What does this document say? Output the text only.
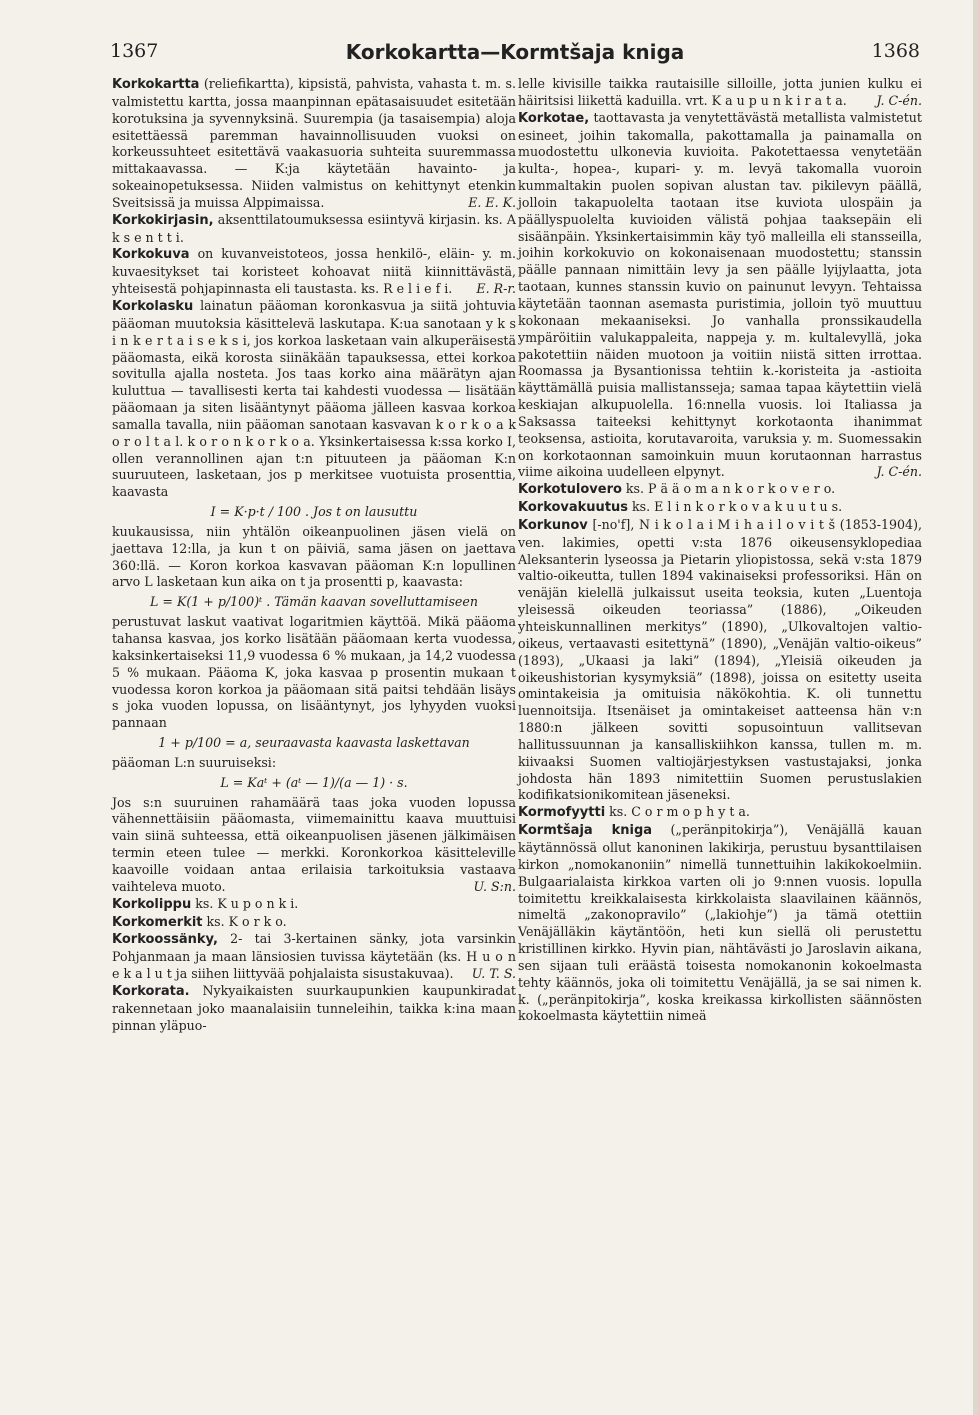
1367	Korkokartta—Kormtšaja kniga	1368

Korkokartta (reliefikartta), kipsistä, pahvista, vahasta t. m. s. valmistettu kartta, jossa maanpinnan epätasaisuudet esitetään korotuksina ja syvennyksinä. Suurempia (ja tasaisempia) aloja esitettäessä paremman havainnollisuuden vuoksi on korkeussuhteet esitettävä vaakasuoria suhteita suuremmassa mittakaavassa. — K:ja käytetään havainto- ja sokeainopetuksessa. Niiden valmistus on kehittynyt etenkin Sveitsissä ja muissa Alppimaissa.	E. E. K.

Korkokirjasin, aksenttilatoumuksessa esiintyvä kirjasin. ks. A k s e n t t i.

Korkokuva on kuvanveistoteos, jossa henkilö-, eläin- y. m. kuvaesitykset tai koristeet kohoavat niitä kiinnittävästä, yhteisestä pohjapinnasta eli taustasta. ks. R e l i e f i.	E. R-r.

Korkolasku lainatun pääoman koronkasvua ja siitä johtuvia pääoman muutoksia käsittelevä laskutapa. K:ua sanotaan y k s i n k e r t a i s e k s i, jos korkoa lasketaan vain alkuperäisestä pääomasta, eikä korosta siinäkään tapauksessa, ettei korkoa sovitulla ajalla nosteta. Jos taas korko aina määrätyn ajan kuluttua — tavallisesti kerta tai kahdesti vuodessa — lisätään pääomaan ja siten lisääntynyt pääoma jälleen kasvaa korkoa samalla tavalla, niin pääoman sanotaan kasvavan k o r k o a k o r o l t a l. k o r o n k o r k o a. Yksinkertaisessa k:ssa korko I, ollen verannollinen ajan t:n pituuteen ja pääoman K:n suuruuteen, lasketaan, jos p merkitsee vuotuista prosenttia, kaavasta

I = K·p·t / 100 . Jos t on lausuttu

kuukausissa, niin yhtälön oikeanpuolinen jäsen vielä on jaettava 12:lla, ja kun t on päiviä, sama jäsen on jaettava 360:llä. — Koron korkoa kasvavan pääoman K:n lopullinen arvo L lasketaan kun aika on t ja prosentti p, kaavasta:

L = K(1 + p/100)ᵗ . Tämän kaavan sovelluttamiseen

perustuvat laskut vaativat logaritmien käyttöä. Mikä pääoma tahansa kasvaa, jos korko lisätään pääomaan kerta vuodessa, kaksinkertaiseksi 11,9 vuodessa 6 % mukaan, ja 14,2 vuodessa 5 % mukaan. Pääoma K, joka kasvaa p prosentin mukaan t vuodessa koron korkoa ja pääomaan sitä paitsi tehdään lisäys s joka vuoden lopussa, on lisääntynyt, jos lyhyyden vuoksi pannaan

1 + p/100 = a, seuraavasta kaavasta laskettavan

pääoman L:n suuruiseksi:

L = Kaᵗ + (aᵗ — 1)/(a — 1) · s.

Jos s:n suuruinen rahamäärä taas joka vuoden lopussa vähennettäisiin pääomasta, viimemainittu kaava muuttuisi vain siinä suhteessa, että oikeanpuolisen jäsenen jälkimäisen termin eteen tulee — merkki. Koronkorkoa käsitteleville kaavoille voidaan antaa erilaisia tarkoituksia vastaava vaihteleva muoto.	U. S:n.

Korkolippu ks. K u p o n k i.

Korkomerkit ks. K o r k o.

Korkoossänky, 2- tai 3-kertainen sänky, jota varsinkin Pohjanmaan ja maan länsiosien tuvissa käytetään (ks. H u o n e k a l u t ja siihen liittyvää pohjalaista sisustakuvaa).	U. T. S.

Korkorata. Nykyaikaisten suurkaupunkien kaupunkiradat rakennetaan joko maanalaisiin tunneleihin, taikka k:ina maan pinnan yläpuo-

lelle kivisille taikka rautaisille silloille, jotta junien kulku ei häiritsisi liikettä kaduilla. vrt. K a u p u n k i r a t a.	J. C-én.

Korkotae, taottavasta ja venytettävästä metallista valmistetut esineet, joihin takomalla, pakottamalla ja painamalla on muodostettu ulkonevia kuvioita. Pakotettaessa venytetään kulta-, hopea-, kupari- y. m. levyä takomalla vuoroin kummaltakin puolen sopivan alustan tav. pikilevyn päällä, jolloin takapuolelta taotaan itse kuviota ulospäin ja päällyspuolelta kuvioiden välistä pohjaa taaksepäin eli sisäänpäin. Yksinkertaisimmin käy työ malleilla eli stansseilla, joihin korkokuvio on kokonaisenaan muodostettu; stanssin päälle pannaan nimittäin levy ja sen päälle lyijylaatta, jota taotaan, kunnes stanssin kuvio on painunut levyyn. Tehtaissa käytetään taonnan asemasta puristimia, jolloin työ muuttuu kokonaan mekaaniseksi. Jo vanhalla pronssikaudella ympäröitiin valukappaleita, nappeja y. m. kultalevyllä, joka pakotettiin näiden muotoon ja voitiin niistä sitten irrottaa. Roomassa ja Bysantionissa tehtiin k.-koristeita ja -astioita käyttämällä puisia mallistansseja; samaa tapaa käytettiin vielä keskiajan alkupuolella. 16:nnella vuosis. loi Italiassa ja Saksassa taiteeksi kehittynyt korkotaonta ihanimmat teoksensa, astioita, korutavaroita, varuksia y. m. Suomessakin on korkotaonnan samoinkuin muun korutaonnan harrastus viime aikoina uudelleen elpynyt.	J. C-én.

Korkotulovero ks. P ä ä o m a n k o r k o v e r o.

Korkovakuutus ks. E l i n k o r k o v a k u u t u s.

Korkunov [-no'f], N i k o l a i M i h a i l o v i t š (1853-1904), ven. lakimies, opetti v:sta 1876 oikeusensyklopediaa Aleksanterin lyseossa ja Pietarin yliopistossa, sekä v:sta 1879 valtio-oikeutta, tullen 1894 vakinaiseksi professoriksi. Hän on venäjän kielellä julkaissut useita teoksia, kuten „Luentoja yleisessä oikeuden teoriassa” (1886), „Oikeuden yhteiskunnallinen merkitys” (1890), „Ulkovaltojen valtio-oikeus, vertaavasti esitettynä” (1890), „Venäjän valtio-oikeus” (1893), „Ukaasi ja laki” (1894), „Yleisiä oikeuden ja oikeushistorian kysymyksiä” (1898), joissa on esitetty useita omintakeisia ja omituisia näkökohtia. K. oli tunnettu luennoitsija. Itsenäiset ja omintakeiset aatteensa hän v:n 1880:n jälkeen sovitti sopusointuun vallitsevan hallitussuunnan ja kansalliskiihkon kanssa, tullen m. m. kiivaaksi Suomen valtiojärjestyksen vastustajaksi, jonka johdosta hän 1893 nimitettiin Suomen perustuslakien kodifikatsionikomitean jäseneksi.

Kormofyytti ks. C o r m o p h y t a.

Kormtšaja kniga („peränpitokirja”), Venäjällä kauan käytännössä ollut kanoninen lakikirja, perustuu bysanttilaisen kirkon „nomokanoniin” nimellä tunnettuihin lakikokoelmiin. Bulgaarialaista kirkkoa varten oli jo 9:nnen vuosis. lopulla toimitettu kreikkalaisesta kirkkolaista slaavilainen käännös, nimeltä „zakonopravilo” („lakiohje”) ja tämä otettiin Venäjälläkin käytäntöön, heti kun siellä oli perustettu kristillinen kirkko. Hyvin pian, nähtävästi jo Jaroslavin aikana, sen sijaan tuli eräästä toisesta nomokanonin kokoelmasta tehty käännös, joka oli toimitettu Venäjällä, ja se sai nimen k. k. („peränpitokirja”, koska kreikassa kirkollisten säännösten kokoelmasta käytettiin nimeä
